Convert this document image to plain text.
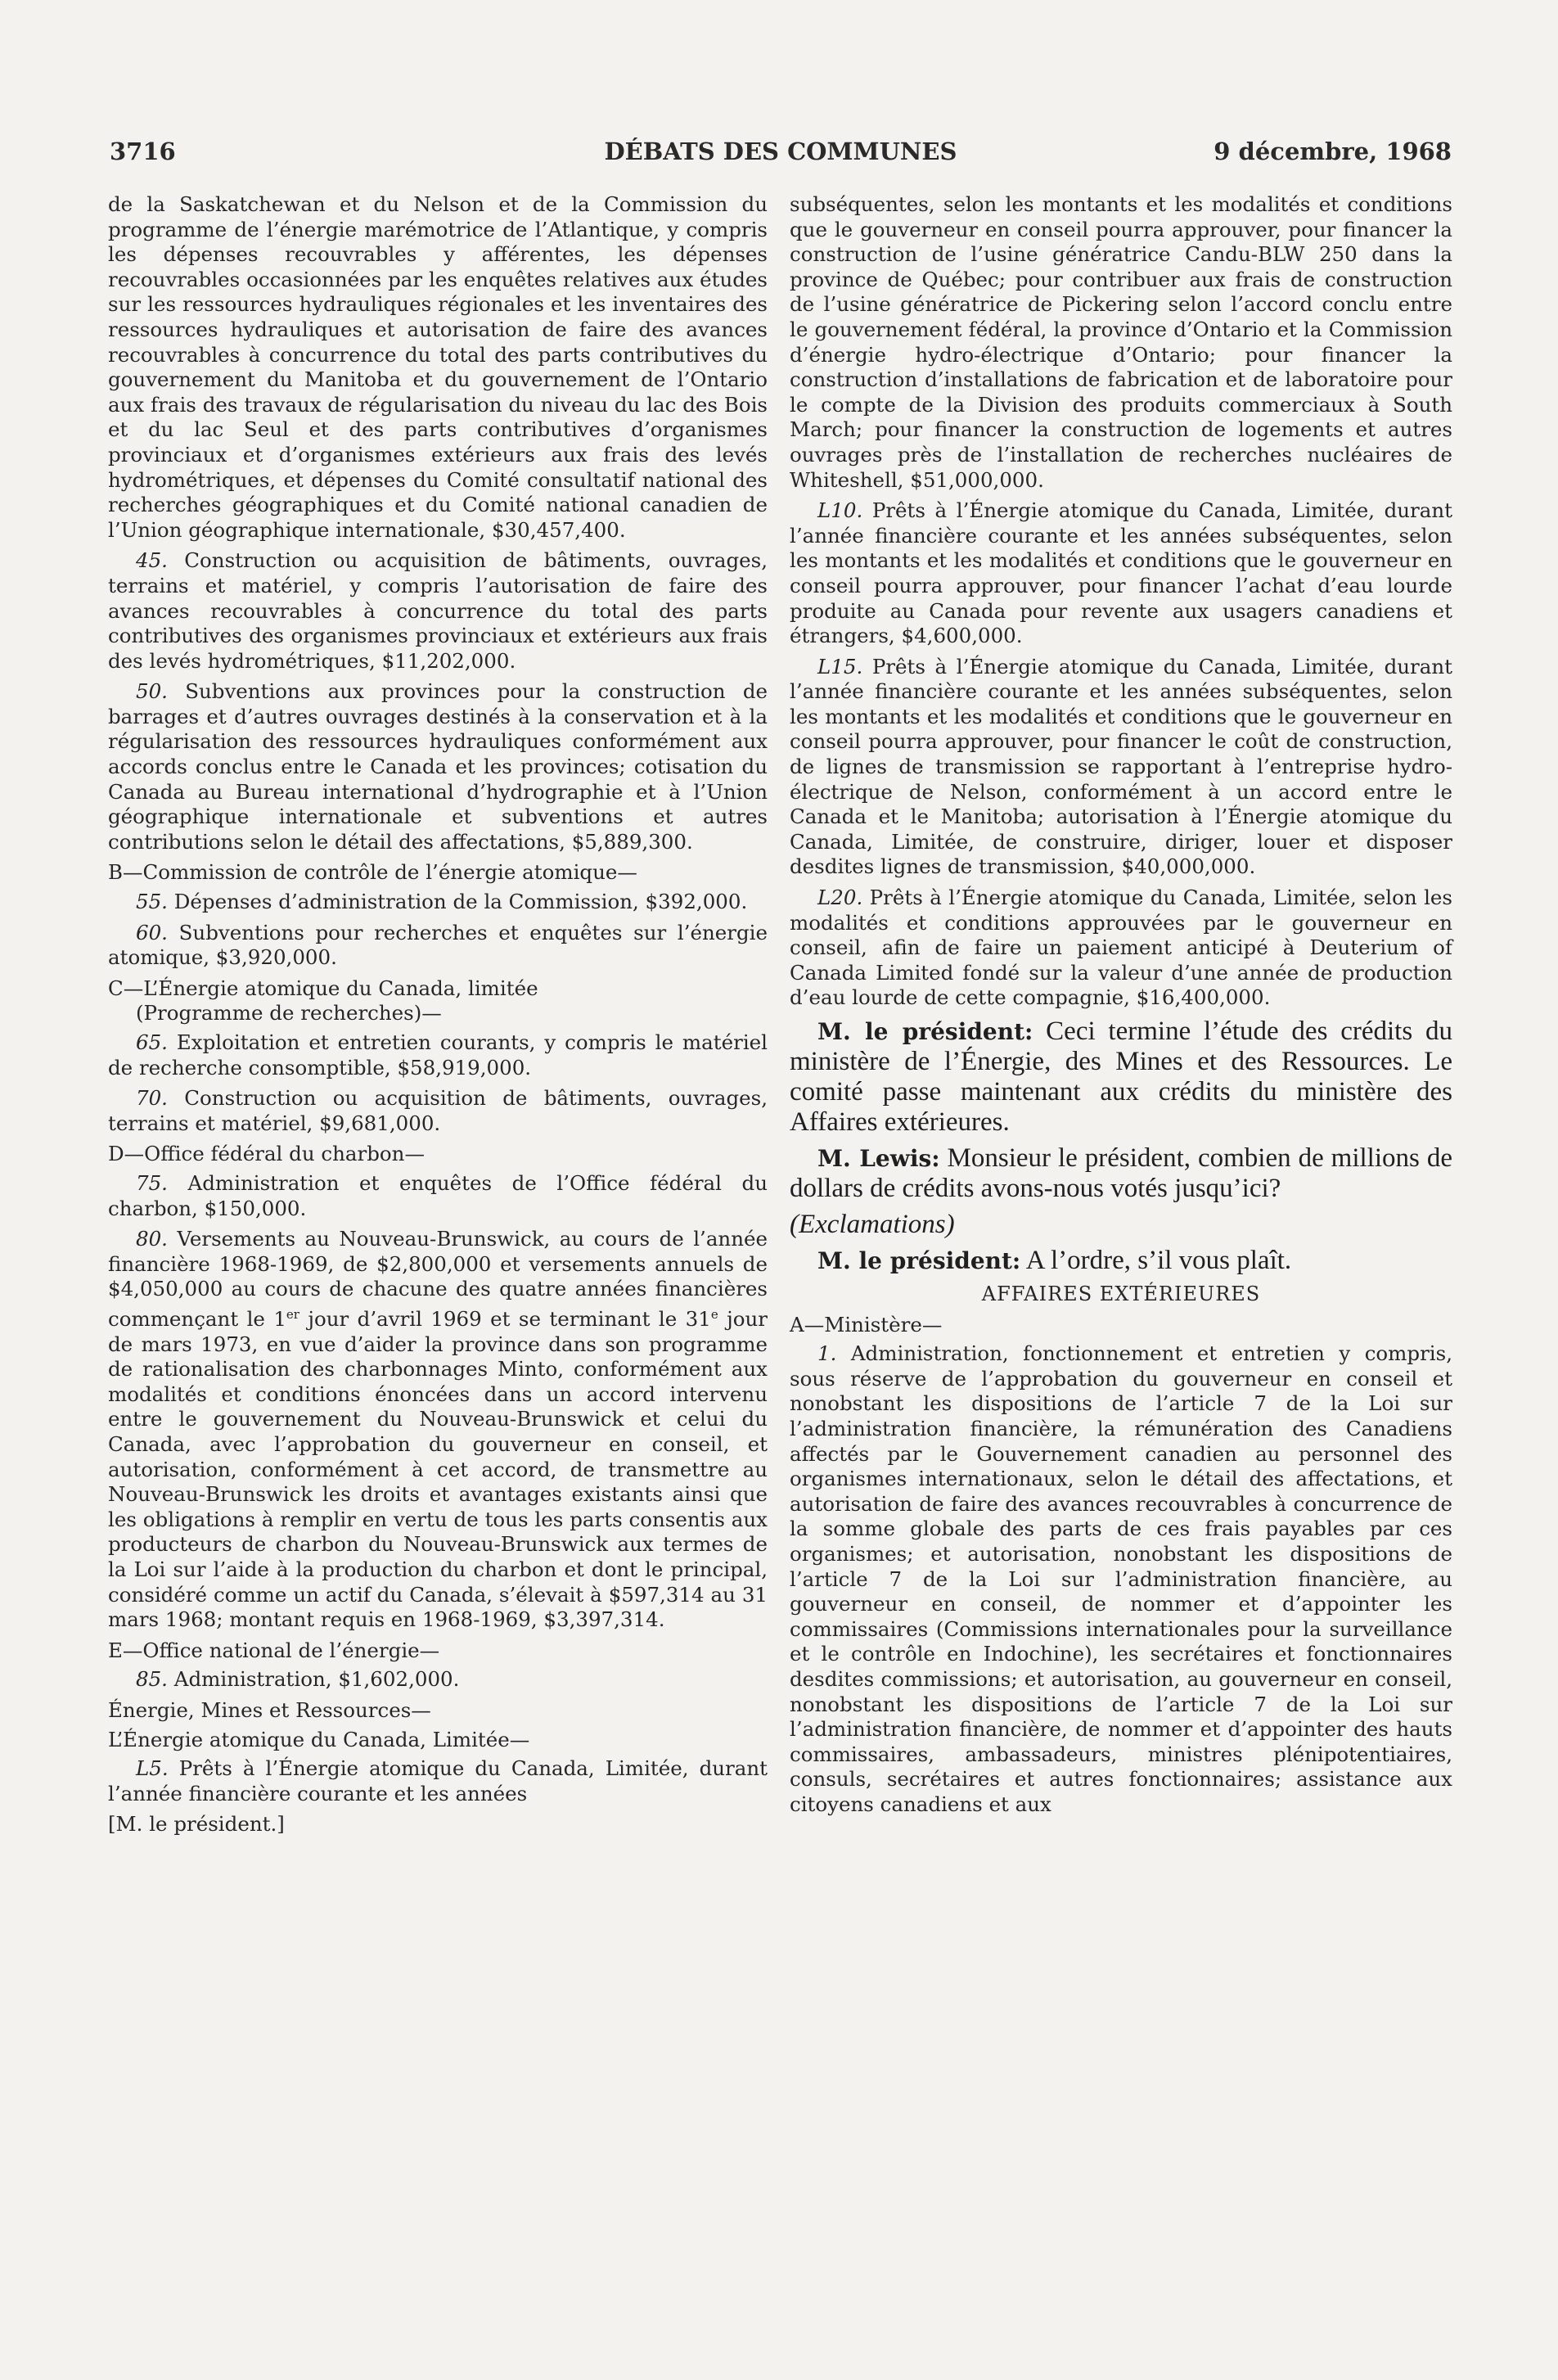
3716	DÉBATS DES COMMUNES	9 décembre, 1968

de la Saskatchewan et du Nelson et de la Commission du programme de l’énergie marémotrice de l’Atlantique, y compris les dépenses recouvrables y afférentes, les dépenses recouvrables occasionnées par les enquêtes relatives aux études sur les ressources hydrauliques régionales et les inventaires des ressources hydrauliques et autorisation de faire des avances recouvrables à concurrence du total des parts contributives du gouvernement du Manitoba et du gouvernement de l’Ontario aux frais des travaux de régularisation du niveau du lac des Bois et du lac Seul et des parts contributives d’organismes provinciaux et d’organismes extérieurs aux frais des levés hydrométriques, et dépenses du Comité consultatif national des recherches géographiques et du Comité national canadien de l’Union géographique internationale, $30,457,400.

45. Construction ou acquisition de bâtiments, ouvrages, terrains et matériel, y compris l’autorisation de faire des avances recouvrables à concurrence du total des parts contributives des organismes provinciaux et extérieurs aux frais des levés hydrométriques, $11,202,000.

50. Subventions aux provinces pour la construction de barrages et d’autres ouvrages destinés à la conservation et à la régularisation des ressources hydrauliques conformément aux accords conclus entre le Canada et les provinces; cotisation du Canada au Bureau international d’hydrographie et à l’Union géographique internationale et subventions et autres contributions selon le détail des affectations, $5,889,300.

B—Commission de contrôle de l’énergie atomique—

55. Dépenses d’administration de la Commission, $392,000.

60. Subventions pour recherches et enquêtes sur l’énergie atomique, $3,920,000.

C—L’Énergie atomique du Canada, limitée

(Programme de recherches)—

65. Exploitation et entretien courants, y compris le matériel de recherche consomptible, $58,919,000.

70. Construction ou acquisition de bâtiments, ouvrages, terrains et matériel, $9,681,000.

D—Office fédéral du charbon—

75. Administration et enquêtes de l’Office fédéral du charbon, $150,000.

80. Versements au Nouveau-Brunswick, au cours de l’année financière 1968-1969, de $2,800,000 et versements annuels de $4,050,000 au cours de chacune des quatre années financières commençant le 1er jour d’avril 1969 et se terminant le 31e jour de mars 1973, en vue d’aider la province dans son programme de rationalisation des charbonnages Minto, conformément aux modalités et conditions énoncées dans un accord intervenu entre le gouvernement du Nouveau-Brunswick et celui du Canada, avec l’approbation du gouverneur en conseil, et autorisation, conformément à cet accord, de transmettre au Nouveau-Brunswick les droits et avantages existants ainsi que les obligations à remplir en vertu de tous les parts consentis aux producteurs de charbon du Nouveau-Brunswick aux termes de la Loi sur l’aide à la production du charbon et dont le principal, considéré comme un actif du Canada, s’élevait à $597,314 au 31 mars 1968; montant requis en 1968-1969, $3,397,314.

E—Office national de l’énergie—

85. Administration, $1,602,000.

Énergie, Mines et Ressources—

L’Énergie atomique du Canada, Limitée—

L5. Prêts à l’Énergie atomique du Canada, Limitée, durant l’année financière courante et les années

[M. le président.]

subséquentes, selon les montants et les modalités et conditions que le gouverneur en conseil pourra approuver, pour financer la construction de l’usine génératrice Candu-BLW 250 dans la province de Québec; pour contribuer aux frais de construction de l’usine génératrice de Pickering selon l’accord conclu entre le gouvernement fédéral, la province d’Ontario et la Commission d’énergie hydro-électrique d’Ontario; pour financer la construction d’installations de fabrication et de laboratoire pour le compte de la Division des produits commerciaux à South March; pour financer la construction de logements et autres ouvrages près de l’installation de recherches nucléaires de Whiteshell, $51,000,000.

L10. Prêts à l’Énergie atomique du Canada, Limitée, durant l’année financière courante et les années subséquentes, selon les montants et les modalités et conditions que le gouverneur en conseil pourra approuver, pour financer l’achat d’eau lourde produite au Canada pour revente aux usagers canadiens et étrangers, $4,600,000.

L15. Prêts à l’Énergie atomique du Canada, Limitée, durant l’année financière courante et les années subséquentes, selon les montants et les modalités et conditions que le gouverneur en conseil pourra approuver, pour financer le coût de construction, de lignes de transmission se rapportant à l’entreprise hydro-électrique de Nelson, conformément à un accord entre le Canada et le Manitoba; autorisation à l’Énergie atomique du Canada, Limitée, de construire, diriger, louer et disposer desdites lignes de transmission, $40,000,000.

L20. Prêts à l’Énergie atomique du Canada, Limitée, selon les modalités et conditions approuvées par le gouverneur en conseil, afin de faire un paiement anticipé à Deuterium of Canada Limited fondé sur la valeur d’une année de production d’eau lourde de cette compagnie, $16,400,000.

M. le président: Ceci termine l’étude des crédits du ministère de l’Énergie, des Mines et des Ressources. Le comité passe maintenant aux crédits du ministère des Affaires extérieures.

M. Lewis: Monsieur le président, combien de millions de dollars de crédits avons-nous votés jusqu’ici?

(Exclamations)

M. le président: A l’ordre, s’il vous plaît.

AFFAIRES EXTÉRIEURES

A—Ministère—

1. Administration, fonctionnement et entretien y compris, sous réserve de l’approbation du gouverneur en conseil et nonobstant les dispositions de l’article 7 de la Loi sur l’administration financière, la rémunération des Canadiens affectés par le Gouvernement canadien au personnel des organismes internationaux, selon le détail des affectations, et autorisation de faire des avances recouvrables à concurrence de la somme globale des parts de ces frais payables par ces organismes; et autorisation, nonobstant les dispositions de l’article 7 de la Loi sur l’administration financière, au gouverneur en conseil, de nommer et d’appointer les commissaires (Commissions internationales pour la surveillance et le contrôle en Indochine), les secrétaires et fonctionnaires desdites commissions; et autorisation, au gouverneur en conseil, nonobstant les dispositions de l’article 7 de la Loi sur l’administration financière, de nommer et d’appointer des hauts commissaires, ambassadeurs, ministres plénipotentiaires, consuls, secrétaires et autres fonctionnaires; assistance aux citoyens canadiens et aux
